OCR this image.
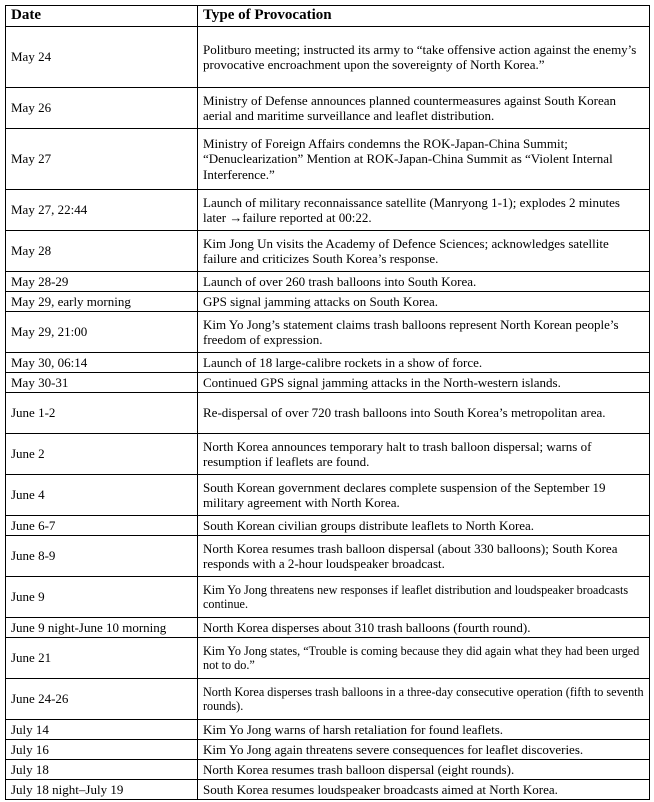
Date	Type of Provocation
May 24	Politburo meeting; instructed its army to “take offensive action against the enemy’s provocative encroachment upon the sovereignty of North Korea.”
May 26	Ministry of Defense announces planned countermeasures against South Korean aerial and maritime surveillance and leaflet distribution.
May 27	Ministry of Foreign Affairs condemns the ROK-Japan-China Summit; “Denuclearization” Mention at ROK-Japan-China Summit as “Violent Internal Interference.”
May 27, 22:44	Launch of military reconnaissance satellite (Manryong 1-1); explodes 2 minutes later →failure reported at 00:22.
May 28	Kim Jong Un visits the Academy of Defence Sciences; acknowledges satellite failure and criticizes South Korea’s response.
May 28-29	Launch of over 260 trash balloons into South Korea.
May 29, early morning	GPS signal jamming attacks on South Korea.
May 29, 21:00	Kim Yo Jong’s statement claims trash balloons represent North Korean people’s freedom of expression.
May 30, 06:14	Launch of 18 large-calibre rockets in a show of force.
May 30-31	Continued GPS signal jamming attacks in the North-western islands.
June 1-2	Re-dispersal of over 720 trash balloons into South Korea’s metropolitan area.
June 2	North Korea announces temporary halt to trash balloon dispersal; warns of resumption if leaflets are found.
June 4	South Korean government declares complete suspension of the September 19 military agreement with North Korea.
June 6-7	South Korean civilian groups distribute leaflets to North Korea.
June 8-9	North Korea resumes trash balloon dispersal (about 330 balloons); South Korea responds with a 2-hour loudspeaker broadcast.
June 9	Kim Yo Jong threatens new responses if leaflet distribution and loudspeaker broadcasts continue.
June 9 night-June 10 morning	North Korea disperses about 310 trash balloons (fourth round).
June 21	Kim Yo Jong states, “Trouble is coming because they did again what they had been urged not to do.”
June 24-26	North Korea disperses trash balloons in a three-day consecutive operation (fifth to seventh rounds).
July 14	Kim Yo Jong warns of harsh retaliation for found leaflets.
July 16	Kim Yo Jong again threatens severe consequences for leaflet discoveries.
July 18	North Korea resumes trash balloon dispersal (eight rounds).
July 18 night–July 19	South Korea resumes loudspeaker broadcasts aimed at North Korea.
